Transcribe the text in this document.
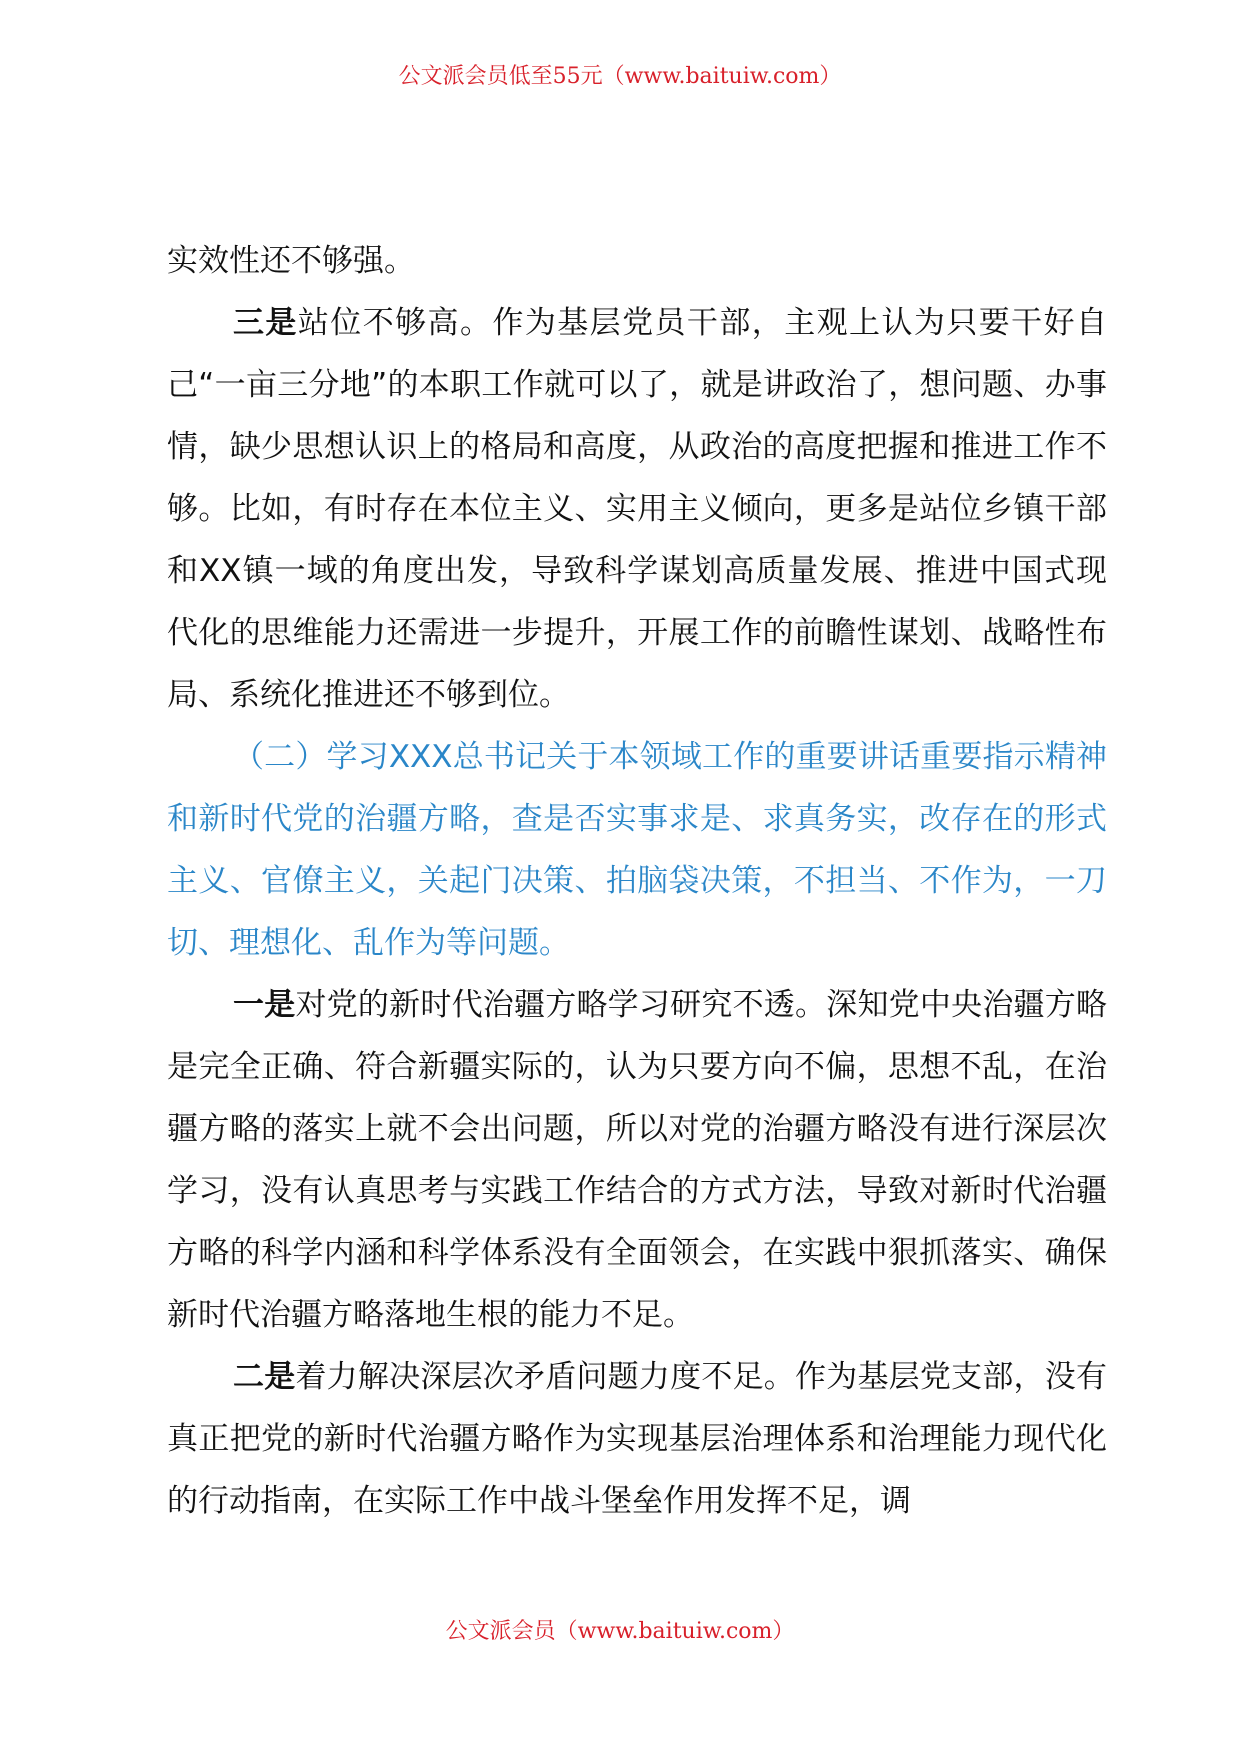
公文派会员低至55元（www.baituiw.com）

实效性还不够强。

三是站位不够高。作为基层党员干部，主观上认为只要干好自己“一亩三分地”的本职工作就可以了，就是讲政治了，想问题、办事情，缺少思想认识上的格局和高度，从政治的高度把握和推进工作不够。比如，有时存在本位主义、实用主义倾向，更多是站位乡镇干部和XX镇一域的角度出发，导致科学谋划高质量发展、推进中国式现代化的思维能力还需进一步提升，开展工作的前瞻性谋划、战略性布局、系统化推进还不够到位。

（二）学习XXX总书记关于本领域工作的重要讲话重要指示精神和新时代党的治疆方略，查是否实事求是、求真务实，改存在的形式主义、官僚主义，关起门决策、拍脑袋决策，不担当、不作为，一刀切、理想化、乱作为等问题。

一是对党的新时代治疆方略学习研究不透。深知党中央治疆方略是完全正确、符合新疆实际的，认为只要方向不偏，思想不乱，在治疆方略的落实上就不会出问题，所以对党的治疆方略没有进行深层次学习，没有认真思考与实践工作结合的方式方法，导致对新时代治疆方略的科学内涵和科学体系没有全面领会，在实践中狠抓落实、确保新时代治疆方略落地生根的能力不足。

二是着力解决深层次矛盾问题力度不足。作为基层党支部，没有真正把党的新时代治疆方略作为实现基层治理体系和治理能力现代化的行动指南，在实际工作中战斗堡垒作用发挥不足，调

公文派会员（www.baituiw.com）
